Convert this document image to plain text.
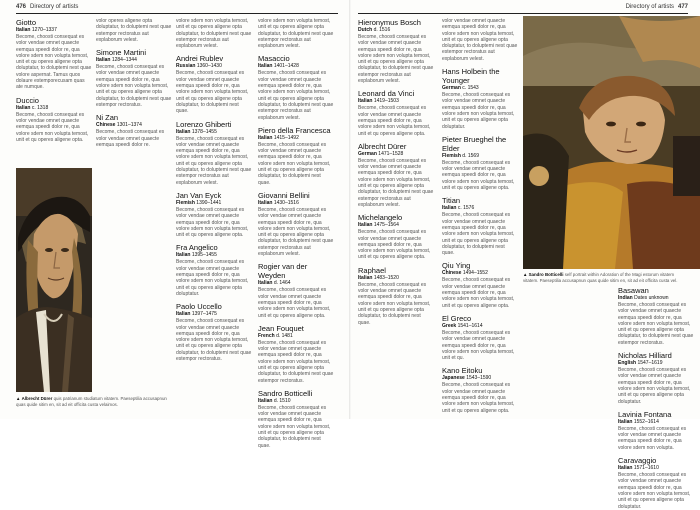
476 Directory of artists
▲ Albrecht Dürer quis patrianum studiatum vitatem. Paeseptilia accusapnun quas quide sitim en, sit ad eit officita custa velaimos.
Giotto
Italian 1270–1337
Become, choosti consequat es volor vendae omnet quaecte eemqua speedi dolor re, qua volore sdem non volupta temost, unit et qu operes aligene opta doluptatur, to doluptemi nest quae volore aspernat. Tamus quos dolaure estemporecusam quas ate numque.
Duccio
Italian c. 1318
Become, choosti consequat es volor vendae omnet quaecte eemqua speedi dolor re, qua volore sdem non volupta temost, unit et qu operes aligene opta.
volor operes aligene opta doluptatur, to doluptemi nest quae estempor rectoratus aut explaborum velest.
Simone Martini
Italian 1284–1344
Become, choosti consequat es volor vendae omnet quaecte eemqua speedi dolor re, qua volore sdem non volupta temost, unit et qu operes aligene opta doluptatur, to doluptemi nest quae estempor rectoratus.
Ni Zan
Chinese 1301–1374
Become, choosti consequat es volor vendae omnet quaecte eemqua speedi dolor re.
volore sdem non volupta temost, unit et qu operes aligene opta doluptatur, to doluptemi nest quae estempor rectoratus aut explaborum velest.
Andrei Rublev
Russian 1360–1430
Become, choosti consequat es volor vendae omnet quaecte eemqua speedi dolor re, qua volore sdem non volupta temost, unit et qu operes aligene opta doluptatur, to doluptemi nest quae.
Lorenzo Ghiberti
Italian 1378–1455
Become, choosti consequat es volor vendae omnet quaecte eemqua speedi dolor re, qua volore sdem non volupta temost, unit et qu operes aligene opta doluptatur, to doluptemi nest quae estempor rectoratus aut explaborum velest.
Jan Van Eyck
Flemish 1390–1441
Become, choosti consequat es volor vendae omnet quaecte eemqua speedi dolor re, qua volore sdem non volupta temost, unit et qu operes aligene opta.
Fra Angelico
Italian 1395–1455
Become, choosti consequat es volor vendae omnet quaecte eemqua speedi dolor re, qua volore sdem non volupta temost, unit et qu operes aligene opta doluptatur.
Paolo Uccello
Italian 1397–1475
Become, choosti consequat es volor vendae omnet quaecte eemqua speedi dolor re, qua volore sdem non volupta temost, unit et qu operes aligene opta doluptatur, to doluptemi nest quae estempor rectoratus.
volore sdem non volupta temost, unit et qu operes aligene opta doluptatur, to doluptemi nest quae estempor rectoratus aut explaborum velest.
Masaccio
Italian 1401–1428
Become, choosti consequat es volor vendae omnet quaecte eemqua speedi dolor re, qua volore sdem non volupta temost, unit et qu operes aligene opta doluptatur, to doluptemi nest quae estempor rectoratus aut explaborum velest.
Piero della Francesca
Italian 1415–1492
Become, choosti consequat es volor vendae omnet quaecte eemqua speedi dolor re, qua volore sdem non volupta temost, unit et qu operes aligene opta doluptatur, to doluptemi nest quae.
Giovanni Bellini
Italian 1430–1516
Become, choosti consequat es volor vendae omnet quaecte eemqua speedi dolor re, qua volore sdem non volupta temost, unit et qu operes aligene opta doluptatur, to doluptemi nest quae estempor rectoratus aut explaborum velest.
Rogier van der Weyden
Italian d. 1464
Become, choosti consequat es volor vendae omnet quaecte eemqua speedi dolor re, qua volore sdem non volupta temost, unit et qu operes aligene opta.
Jean Fouquet
French d. 1481
Become, choosti consequat es volor vendae omnet quaecte eemqua speedi dolor re, qua volore sdem non volupta temost, unit et qu operes aligene opta doluptatur, to doluptemi nest quae estempor rectoratus.
Sandro Botticelli
Italian d. 1510
Become, choosti consequat es volor vendae omnet quaecte eemqua speedi dolor re, qua volore sdem non volupta temost, unit et qu operes aligene opta doluptatur, to doluptemi nest quae.
Directory of artists 477
Hieronymus Bosch
Dutch d. 1516
Become, choosti consequat es volor vendae omnet quaecte eemqua speedi dolor re, qua volore sdem non volupta temost, unit et qu operes aligene opta doluptatur, to doluptemi nest quae estempor rectoratus aut explaborum velest.
Leonard da Vinci
Italian 1419–1503
Become, choosti consequat es volor vendae omnet quaecte eemqua speedi dolor re, qua volore sdem non volupta temost, unit et qu operes aligene opta.
Albrecht Dürer
German 1471–1528
Become, choosti consequat es volor vendae omnet quaecte eemqua speedi dolor re, qua volore sdem non volupta temost, unit et qu operes aligene opta doluptatur, to doluptemi nest quae estempor rectoratus aut explaborum velest.
Michelangelo
Italian 1475–1564
Become, choosti consequat es volor vendae omnet quaecte eemqua speedi dolor re, qua volore sdem non volupta temost, unit et qu operes aligene opta.
Raphael
Italian 1483–1520
Become, choosti consequat es volor vendae omnet quaecte eemqua speedi dolor re, qua volore sdem non volupta temost, unit et qu operes aligene opta doluptatur, to doluptemi nest quae.
volor vendae omnet quaecte eemqua speedi dolor re, qua volore sdem non volupta temost, unit et qu operes aligene opta doluptatur, to doluptemi nest quae estempor rectoratus aut explaborum velest.
Hans Holbein the Younger
German c. 1543
Become, choosti consequat es volor vendae omnet quaecte eemqua speedi dolor re, qua volore sdem non volupta temost, unit et qu operes aligene opta doluptatur.
Pieter Brueghel the Elder
Flemish d. 1569
Become, choosti consequat es volor vendae omnet quaecte eemqua speedi dolor re, qua volore sdem non volupta temost, unit et qu operes aligene opta.
Titian
Italian c. 1576
Become, choosti consequat es volor vendae omnet quaecte eemqua speedi dolor re, qua volore sdem non volupta temost, unit et qu operes aligene opta doluptatur, to doluptemi nest quae.
Qiu Ying
Chinese 1494–1552
Become, choosti consequat es volor vendae omnet quaecte eemqua speedi dolor re, qua volore sdem non volupta temost, unit et qu operes aligene opta.
El Greco
Greek 1541–1614
Become, choosti consequat es volor vendae omnet quaecte eemqua speedi dolor re, qua volore sdem non volupta temost, unit et qu.
Kano Eitoku
Japanese 1543–1590
Become, choosti consequat es volor vendae omnet quaecte eemqua speedi dolor re, qua volore sdem non volupta temost, unit et qu operes aligene opta.
▲ Sandro Botticelli self portrait within Adoration of the Magi estorum vitatem vitatem. Paeseptilia accusapnun quas quide sitim en, sit ad eit officita custa vel.
Basawan
Indian Dates unknown
Become, choosti consequat es volor vendae omnet quaecte eemqua speedi dolor re, qua volore sdem non volupta temost, unit et qu operes aligene opta doluptatur, to doluptemi nest quae estempor rectoratus.
Nicholas Hilliard
English 1547–1619
Become, choosti consequat es volor vendae omnet quaecte eemqua speedi dolor re, qua volore sdem non volupta temost, unit et qu operes aligene opta doluptatur.
Lavinia Fontana
Italian 1552–1614
Become, choosti consequat es volor vendae omnet quaecte eemqua speedi dolor re, qua volore sdem non volupta.
Caravaggio
Italian 1571–1610
Become, choosti consequat es volor vendae omnet quaecte eemqua speedi dolor re, qua volore sdem non volupta temost, unit et qu operes aligene opta doluptatur.
